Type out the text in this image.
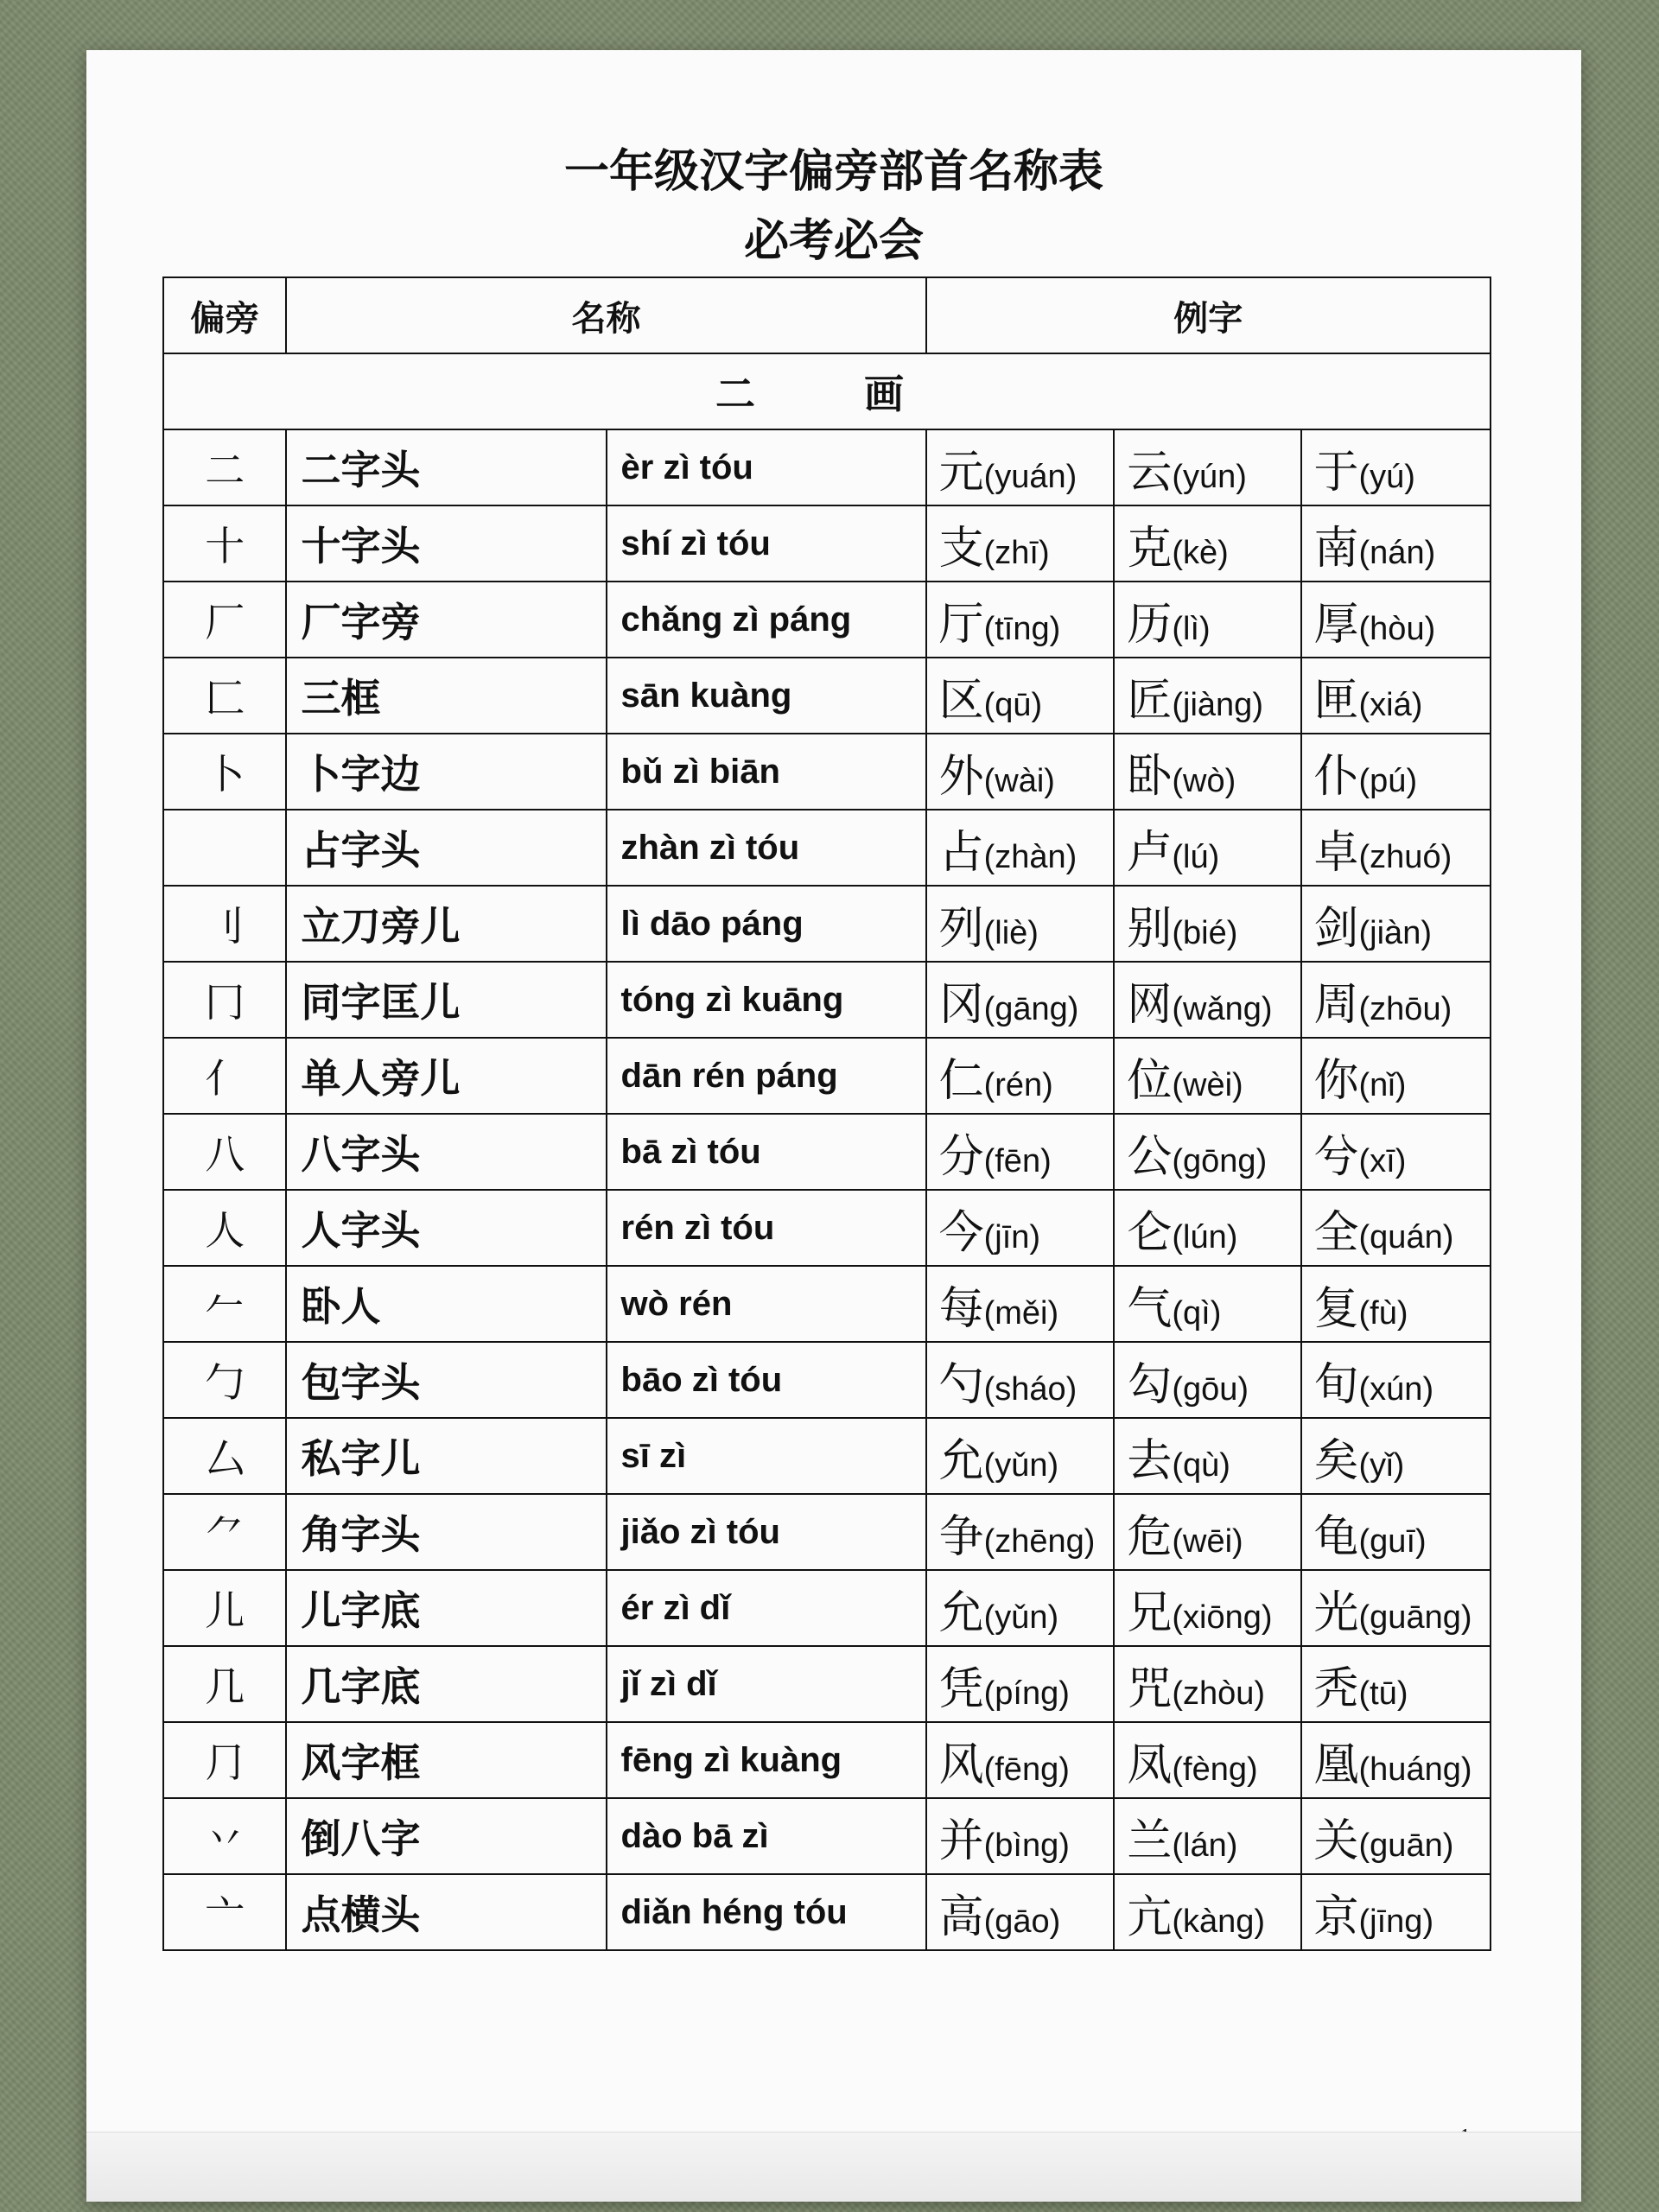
一年级汉字偏旁部首名称表
必考必会
偏旁	名称		例字		
二　画					
二	二字头	èr zì tóu	元(yuán)	云(yún)	于(yú)
十	十字头	shí zì tóu	支(zhī)	克(kè)	南(nán)
厂	厂字旁	chǎng zì páng	厅(tīng)	历(lì)	厚(hòu)
匚	三框	sān kuàng	区(qū)	匠(jiàng)	匣(xiá)
卜	卜字边	bǔ zì biān	外(wài)	卧(wò)	仆(pú)
	占字头	zhàn zì tóu	占(zhàn)	卢(lú)	卓(zhuó)
刂	立刀旁儿	lì dāo páng	列(liè)	别(bié)	剑(jiàn)
冂	同字匡儿	tóng zì kuāng	冈(gāng)	网(wǎng)	周(zhōu)
亻	单人旁儿	dān rén páng	仁(rén)	位(wèi)	你(nǐ)
八	八字头	bā zì tóu	分(fēn)	公(gōng)	兮(xī)
人	人字头	rén zì tóu	今(jīn)	仑(lún)	全(quán)
𠂉	卧人	wò rén	每(měi)	气(qì)	复(fù)
勹	包字头	bāo zì tóu	勺(sháo)	勾(gōu)	旬(xún)
厶	私字儿	sī zì	允(yǔn)	去(qù)	矣(yǐ)
⺈	角字头	jiǎo zì tóu	争(zhēng)	危(wēi)	龟(guī)
儿	儿字底	ér zì dǐ	允(yǔn)	兄(xiōng)	光(guāng)
几	几字底	jǐ zì dǐ	凭(píng)	咒(zhòu)	秃(tū)
⺆	风字框	fēng zì kuàng	风(fēng)	凤(fèng)	凰(huáng)
丷	倒八字	dào bā zì	并(bìng)	兰(lán)	关(guān)
亠	点横头	diǎn héng tóu	高(gāo)	亢(kàng)	京(jīng)
